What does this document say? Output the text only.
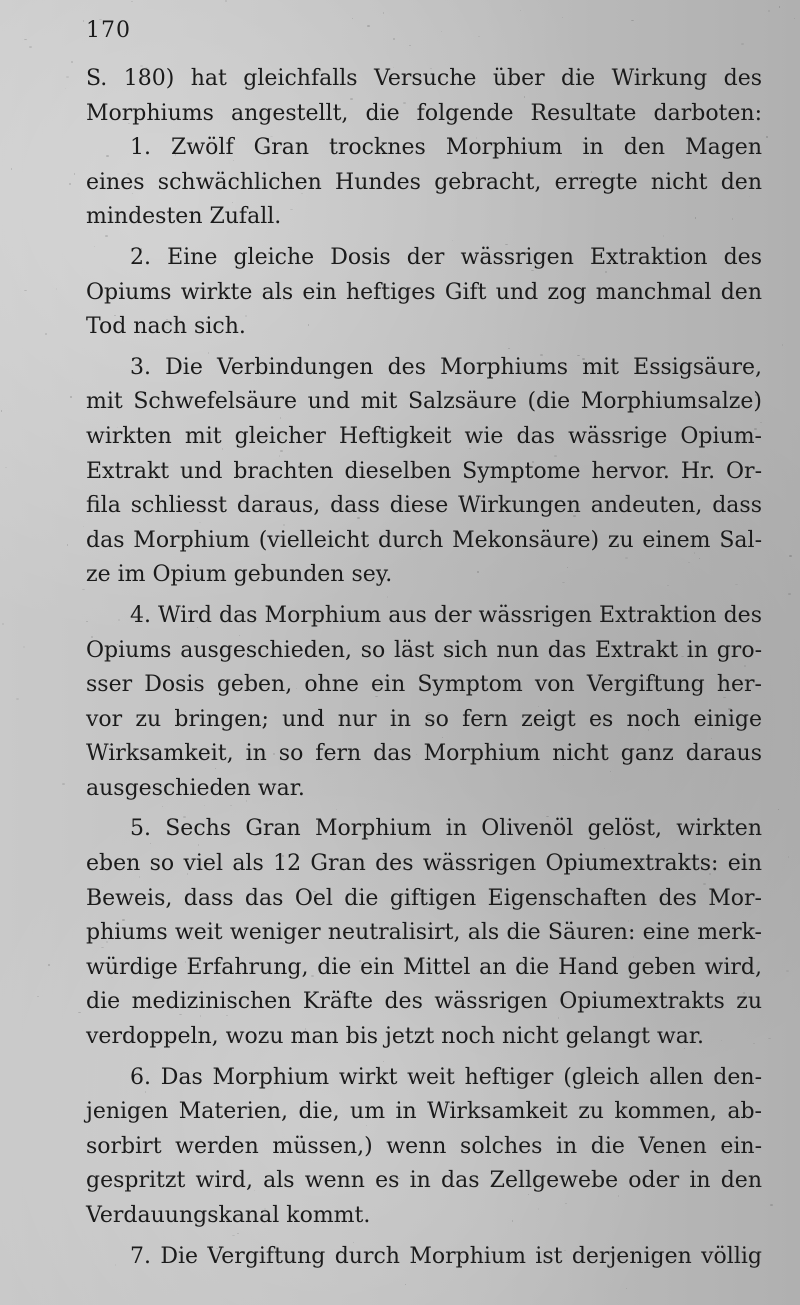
170
S. 180) hat gleichfalls Versuche über die Wirkung des
Morphiums angestellt, die folgende Resultate darboten:
1. Zwölf Gran trocknes Morphium in den Magen
eines schwächlichen Hundes gebracht, erregte nicht den
mindesten Zufall.
2. Eine gleiche Dosis der wässrigen Extraktion des
Opiums wirkte als ein heftiges Gift und zog manchmal den
Tod nach sich.
3. Die Verbindungen des Morphiums mit Essigsäure,
mit Schwefelsäure und mit Salzsäure (die Morphiumsalze)
wirkten mit gleicher Heftigkeit wie das wässrige Opium-
Extrakt und brachten dieselben Symptome hervor. Hr. Or-
fila schliesst daraus, dass diese Wirkungen andeuten, dass
das Morphium (vielleicht durch Mekonsäure) zu einem Sal-
ze im Opium gebunden sey.
4. Wird das Morphium aus der wässrigen Extraktion des
Opiums ausgeschieden, so läst sich nun das Extrakt in gro-
sser Dosis geben, ohne ein Symptom von Vergiftung her-
vor zu bringen; und nur in so fern zeigt es noch einige
Wirksamkeit, in so fern das Morphium nicht ganz daraus
ausgeschieden war.
5. Sechs Gran Morphium in Olivenöl gelöst, wirkten
eben so viel als 12 Gran des wässrigen Opiumextrakts: ein
Beweis, dass das Oel die giftigen Eigenschaften des Mor-
phiums weit weniger neutralisirt, als die Säuren: eine merk-
würdige Erfahrung, die ein Mittel an die Hand geben wird,
die medizinischen Kräfte des wässrigen Opiumextrakts zu
verdoppeln, wozu man bis jetzt noch nicht gelangt war.
6. Das Morphium wirkt weit heftiger (gleich allen den-
jenigen Materien, die, um in Wirksamkeit zu kommen, ab-
sorbirt werden müssen,) wenn solches in die Venen ein-
gespritzt wird, als wenn es in das Zellgewebe oder in den
Verdauungskanal kommt.
7. Die Vergiftung durch Morphium ist derjenigen völlig
